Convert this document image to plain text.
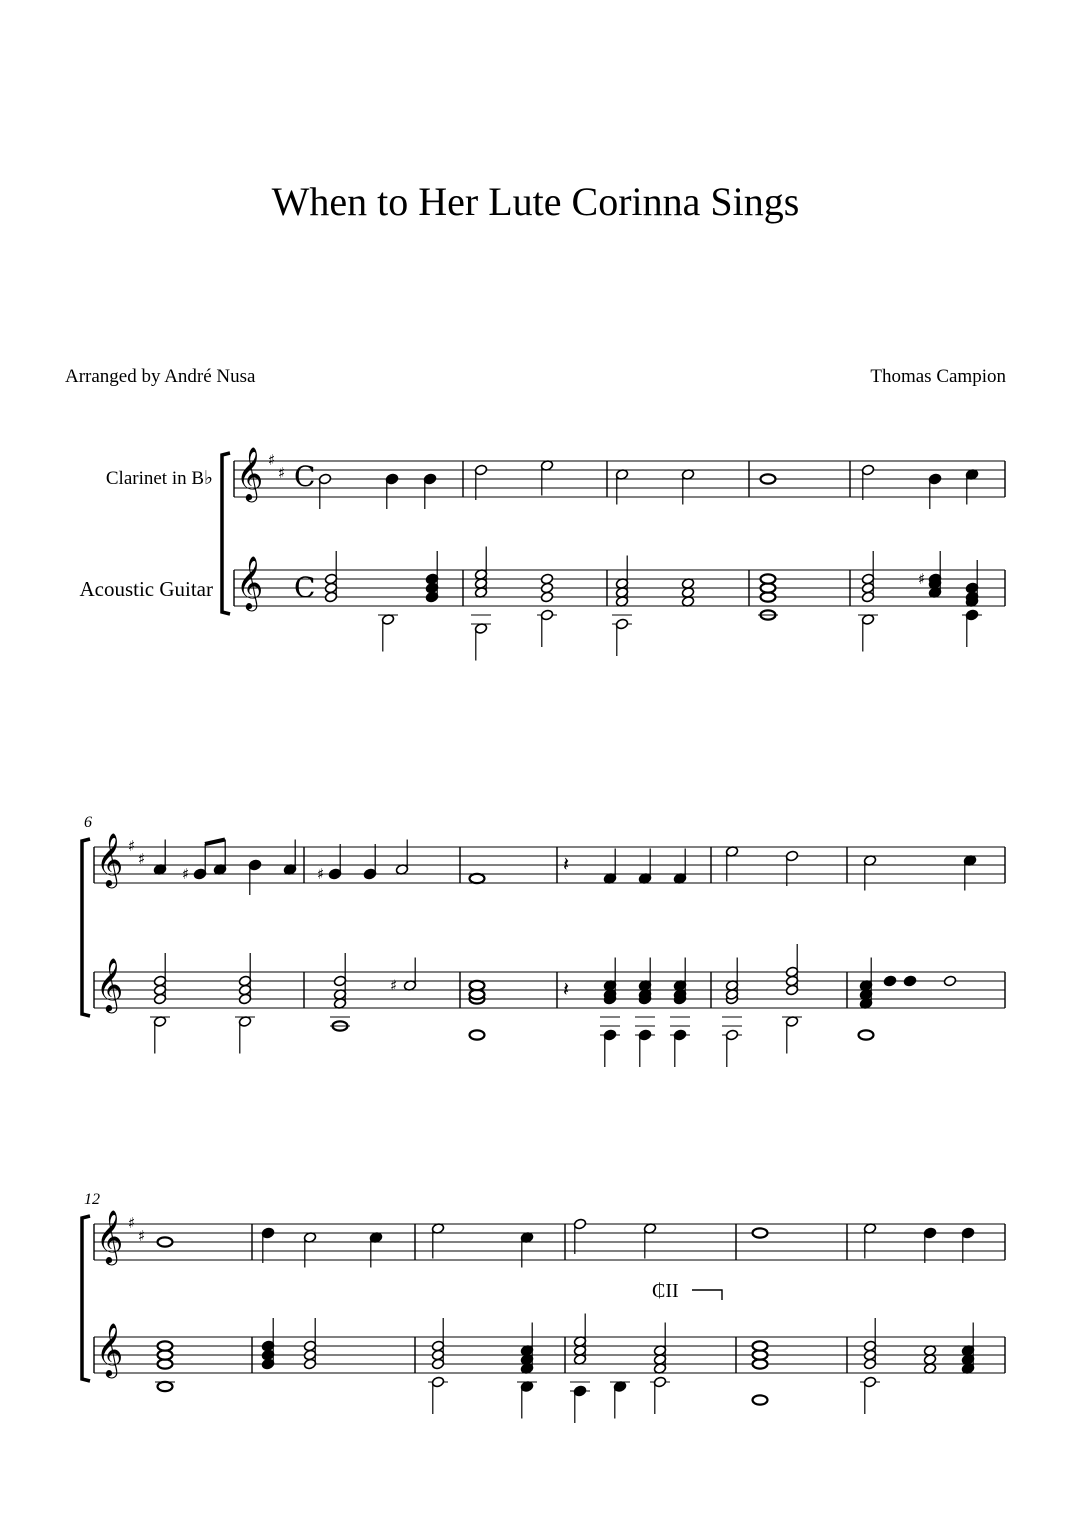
When to Her Lute Corinna Sings
Arranged by André Nusa	Thomas Campion
Clarinet in B♭
Acoustic Guitar
𝄞 ♯
♯
𝄞
C
C
𝄞 ♯
♯
𝄞
6
𝄞 ♯
♯
𝄞
12
♯
♯	♯	𝄽
♯	𝄽
₵II
